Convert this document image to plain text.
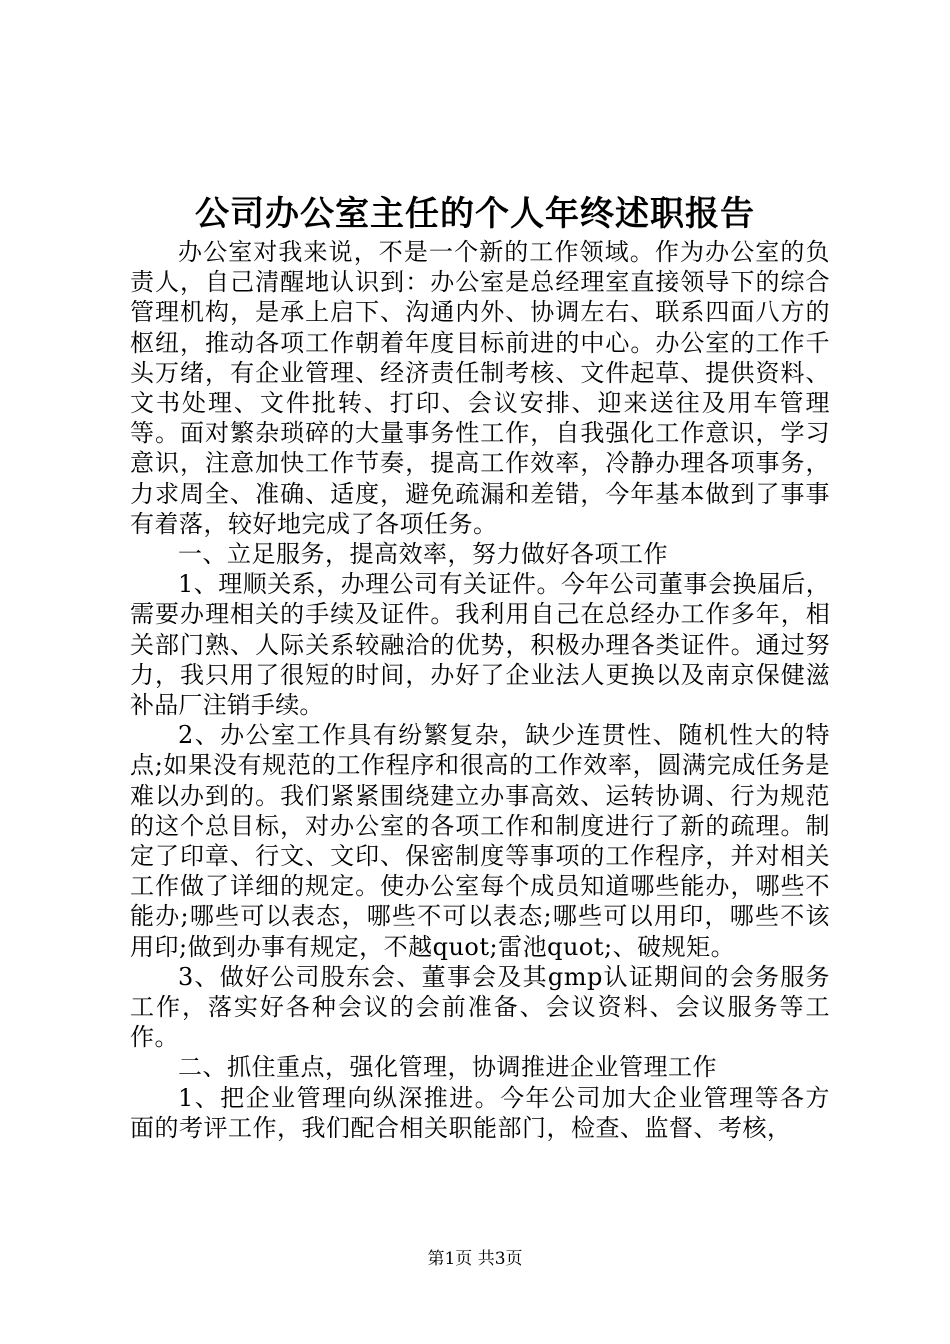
公司办公室主任的个人年终述职报告

办公室对我来说，不是一个新的工作领域。作为办公室的负责人，自己清醒地认识到：办公室是总经理室直接领导下的综合管理机构，是承上启下、沟通内外、协调左右、联系四面八方的枢纽，推动各项工作朝着年度目标前进的中心。办公室的工作千头万绪，有企业管理、经济责任制考核、文件起草、提供资料、文书处理、文件批转、打印、会议安排、迎来送往及用车管理等。面对繁杂琐碎的大量事务性工作，自我强化工作意识，学习意识，注意加快工作节奏，提高工作效率，冷静办理各项事务，力求周全、准确、适度，避免疏漏和差错，今年基本做到了事事有着落，较好地完成了各项任务。

一、立足服务，提高效率，努力做好各项工作

1、理顺关系，办理公司有关证件。今年公司董事会换届后，需要办理相关的手续及证件。我利用自己在总经办工作多年，相关部门熟、人际关系较融洽的优势，积极办理各类证件。通过努力，我只用了很短的时间，办好了企业法人更换以及南京保健滋补品厂注销手续。

2、办公室工作具有纷繁复杂，缺少连贯性、随机性大的特点;如果没有规范的工作程序和很高的工作效率，圆满完成任务是难以办到的。我们紧紧围绕建立办事高效、运转协调、行为规范的这个总目标，对办公室的各项工作和制度进行了新的疏理。制定了印章、行文、文印、保密制度等事项的工作程序，并对相关工作做了详细的规定。使办公室每个成员知道哪些能办，哪些不能办;哪些可以表态，哪些不可以表态;哪些可以用印，哪些不该用印;做到办事有规定，不越quot;雷池quot;、破规矩。

3、做好公司股东会、董事会及其gmp认证期间的会务服务工作，落实好各种会议的会前准备、会议资料、会议服务等工作。

二、抓住重点，强化管理，协调推进企业管理工作

1、把企业管理向纵深推进。今年公司加大企业管理等各方面的考评工作，我们配合相关职能部门，检查、监督、考核，

第1页 共3页
